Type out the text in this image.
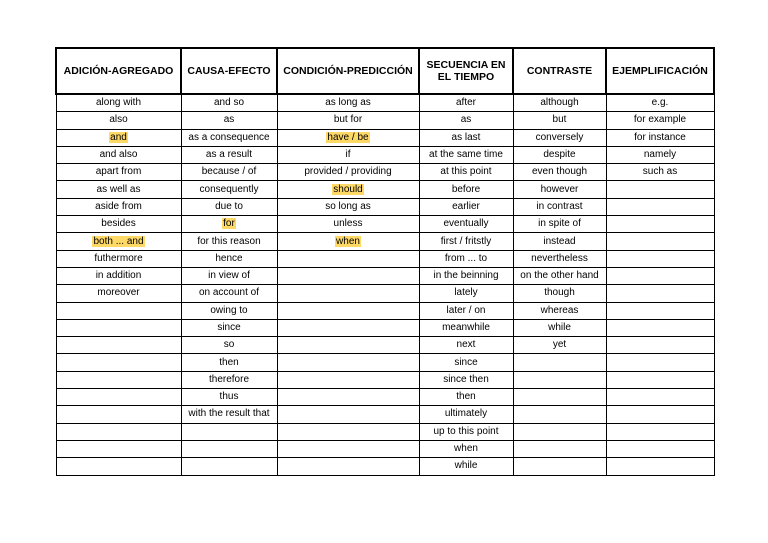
ADICIÓN-AGREGADO	CAUSA-EFECTO	CONDICIÓN-PREDICCIÓN	SECUENCIA EN
EL TIEMPO	CONTRASTE	EJEMPLIFICACIÓN
along with	and so	as long as	after	although	e.g.
also	as	but for	as	but	for example
and	as a consequence	have / be	as last	conversely	for instance
and also	as a result	if	at the same time	despite	namely
apart from	because / of	provided / providing	at this point	even though	such as
as well as	consequently	should	before	however	
aside from	due to	so long as	earlier	in contrast	
besides	for	unless	eventually	in spite of	
both ... and	for this reason	when	first / fritstly	instead	
futhermore	hence		from ... to	nevertheless	
in addition	in view of		in the beinning	on the other hand	
moreover	on account of		lately	though	
	owing to		later / on	whereas	
	since		meanwhile	while	
	so		next	yet	
	then		since		
	therefore		since then		
	thus		then		
	with the result that		ultimately		
			up to this point		
			when		
			while		
